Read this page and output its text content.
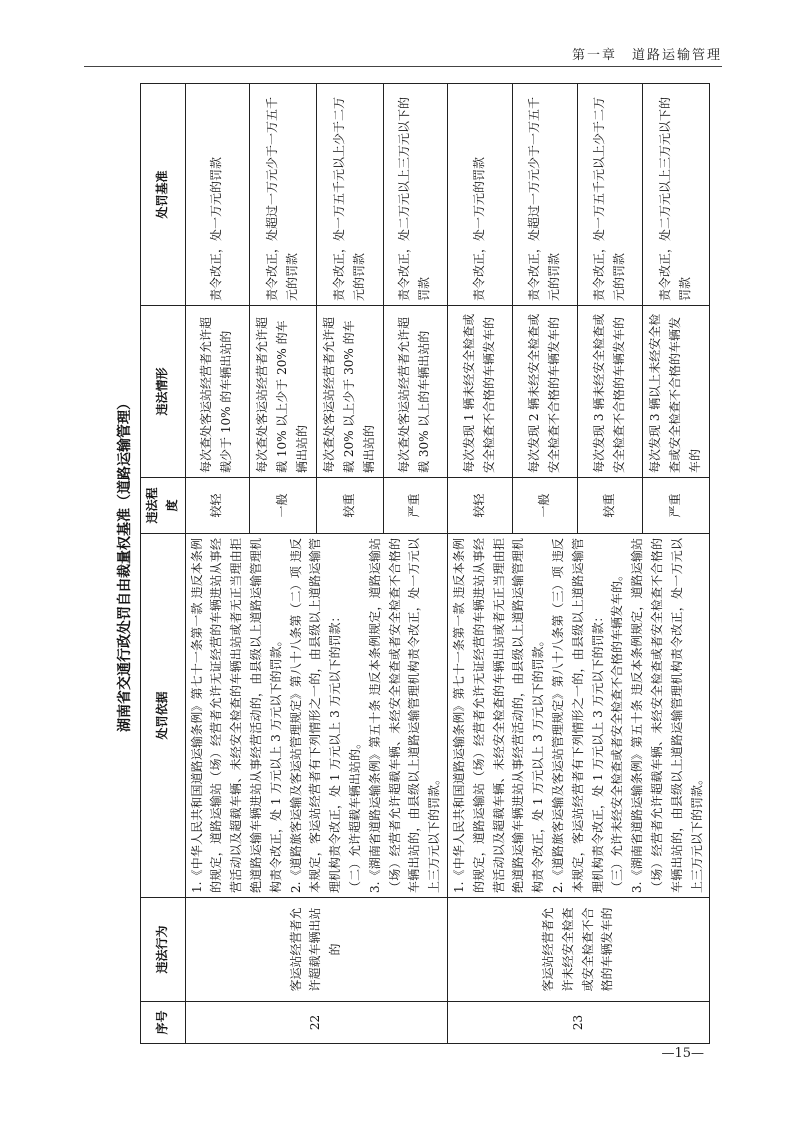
第一章　道路运输管理
湖南省交通行政处罚自由裁量权基准（道路运输管理）
序号	违法行为	处罚依据	违法程度	违法情形	处罚基准
22	客运站经营者允许超载车辆出站的	1.《中华人民共和国道路运输条例》第七十一条第一款 违反本条例的规定，道路运输站（场）经营者允许无证经营的车辆进站从事经营活动以及超载车辆、未经安全检查的车辆出站或者无正当理由拒绝道路运输车辆进站从事经营活动的，由县级以上道路运输管理机构责令改正，处 1 万元以上 3 万元以下的罚款。 2.《道路旅客运输及客运站管理规定》第八十八条第（二）项 违反本规定，客运站经营者有下列情形之一的，由县级以上道路运输管理机构责令改正，处 1 万元以上 3 万元以下的罚款： （二）允许超载车辆出站的。 3.《湖南省道路运输条例》第五十条 违反本条例规定，道路运输站（场）经营者允许超载车辆、未经安全检查或者安全检查不合格的车辆出站的，由县级以上道路运输管理机构责令改正，处一万元以上三万元以下的罚款。	较轻	每次查处客运站经营者允许超载少于 10% 的车辆出站的	责令改正，处一万元的罚款
			一般	每次查处客运站经营者允许超载 10% 以上少于 20% 的车辆出站的	责令改正，处超过一万元少于一万五千元的罚款
			较重	每次查处客运站经营者允许超载 20% 以上少于 30% 的车辆出站的	责令改正，处一万五千元以上少于二万元的罚款
			严重	每次查处客运站经营者允许超载 30% 以上的车辆出站的	责令改正，处二万元以上三万元以下的罚款
23	客运站经营者允许未经安全检查或安全检查不合格的车辆发车的	1.《中华人民共和国道路运输条例》第七十一条第一款 违反本条例的规定，道路运输站（场）经营者允许无证经营的车辆进站从事经营活动以及超载车辆、未经安全检查的车辆出站或者无正当理由拒绝道路运输车辆进站从事经营活动的，由县级以上道路运输管理机构责令改正，处 1 万元以上 3 万元以下的罚款。 2.《道路旅客运输及客运站管理规定》第八十八条第（三）项 违反本规定，客运站经营者有下列情形之一的，由县级以上道路运输管理机构责令改正，处 1 万元以上 3 万元以下的罚款： （三）允许未经安全检查或者安全检查不合格的车辆发车的。 3.《湖南省道路运输条例》第五十条 违反本条例规定，道路运输站（场）经营者允许超载车辆、未经安全检查或者安全检查不合格的车辆出站的，由县级以上道路运输管理机构责令改正，处一万元以上三万元以下的罚款。	较轻	每次发现 1 辆未经安全检查或安全检查不合格的车辆发车的	责令改正，处一万元的罚款
			一般	每次发现 2 辆未经安全检查或安全检查不合格的车辆发车的	责令改正，处超过一万元少于一万五千元的罚款
			较重	每次发现 3 辆未经安全检查或安全检查不合格的车辆发车的	责令改正，处一万五千元以上少于二万元的罚款
			严重	每次发现 3 辆以上未经安全检查或安全检查不合格的车辆发车的	责令改正，处二万元以上三万元以下的罚款
—15—
